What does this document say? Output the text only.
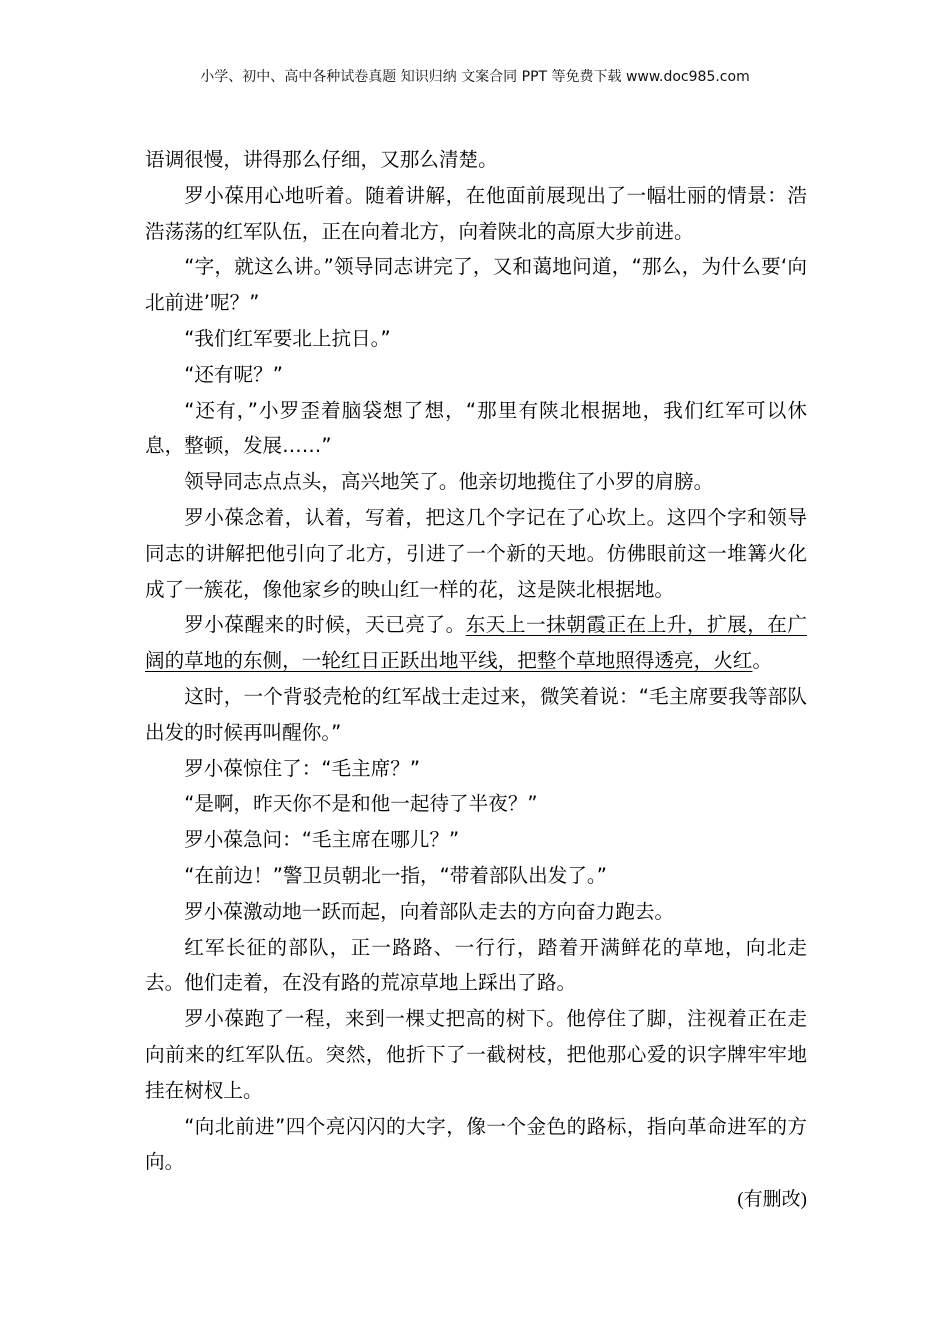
小学、初中、高中各种试卷真题 知识归纳 文案合同 PPT 等免费下载 www.doc985.com

语调很慢，讲得那么仔细，又那么清楚。

罗小葆用心地听着。随着讲解，在他面前展现出了一幅壮丽的情景：浩浩荡荡的红军队伍，正在向着北方，向着陕北的高原大步前进。

“字，就这么讲。”领导同志讲完了，又和蔼地问道，“那么，为什么要‘向北前进’呢？”

“我们红军要北上抗日。”

“还有呢？”

“还有，”小罗歪着脑袋想了想，“那里有陕北根据地，我们红军可以休息，整顿，发展……”

领导同志点点头，高兴地笑了。他亲切地揽住了小罗的肩膀。

罗小葆念着，认着，写着，把这几个字记在了心坎上。这四个字和领导同志的讲解把他引向了北方，引进了一个新的天地。仿佛眼前这一堆篝火化成了一簇花，像他家乡的映山红一样的花，这是陕北根据地。

罗小葆醒来的时候，天已亮了。东天上一抹朝霞正在上升，扩展，在广阔的草地的东侧，一轮红日正跃出地平线，把整个草地照得透亮，火红。

这时，一个背驳壳枪的红军战士走过来，微笑着说：“毛主席要我等部队出发的时候再叫醒你。”

罗小葆惊住了：“毛主席？”

“是啊，昨天你不是和他一起待了半夜？”

罗小葆急问：“毛主席在哪儿？”

“在前边！”警卫员朝北一指，“带着部队出发了。”

罗小葆激动地一跃而起，向着部队走去的方向奋力跑去。

红军长征的部队，正一路路、一行行，踏着开满鲜花的草地，向北走去。他们走着，在没有路的荒凉草地上踩出了路。

罗小葆跑了一程，来到一棵丈把高的树下。他停住了脚，注视着正在走向前来的红军队伍。突然，他折下了一截树枝，把他那心爱的识字牌牢牢地挂在树杈上。

“向北前进”四个亮闪闪的大字，像一个金色的路标，指向革命进军的方向。

(有删改)
